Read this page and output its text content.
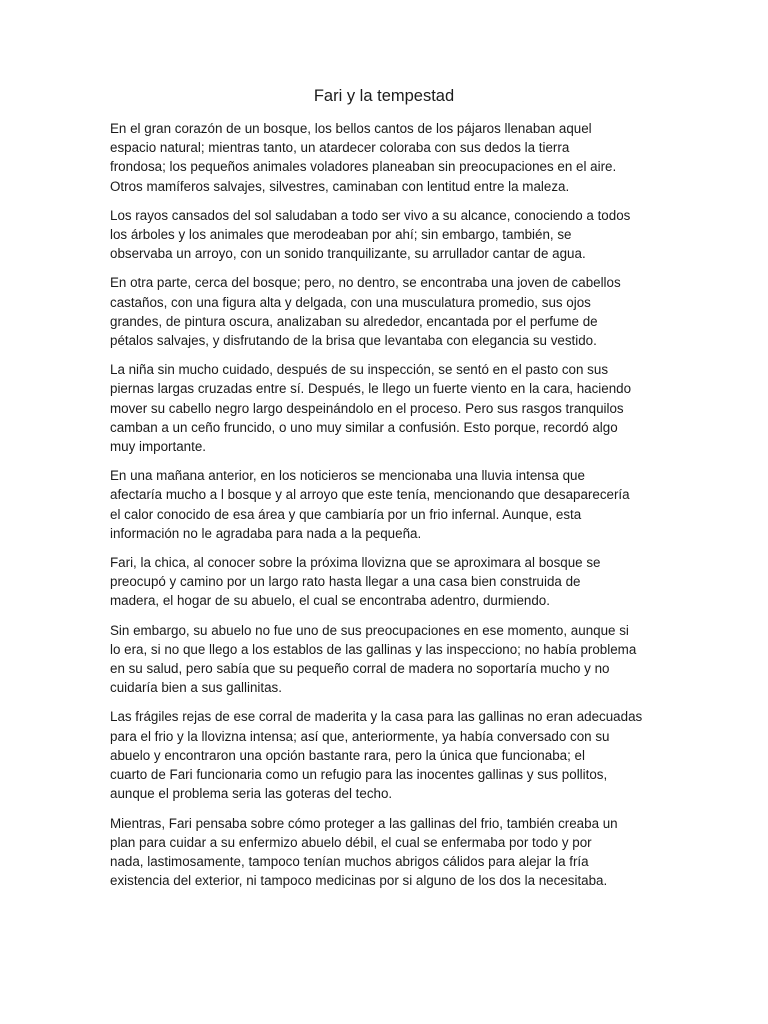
Fari y la tempestad

En el gran corazón de un bosque, los bellos cantos de los pájaros llenaban aquel
espacio natural; mientras tanto, un atardecer coloraba con sus dedos la tierra
frondosa; los pequeños animales voladores planeaban sin preocupaciones en el aire.
Otros mamíferos salvajes, silvestres, caminaban con lentitud entre la maleza.

Los rayos cansados del sol saludaban a todo ser vivo a su alcance, conociendo a todos
los árboles y los animales que merodeaban por ahí; sin embargo, también, se
observaba un arroyo, con un sonido tranquilizante, su arrullador cantar de agua.

En otra parte, cerca del bosque; pero, no dentro, se encontraba una joven de cabellos
castaños, con una figura alta y delgada, con una musculatura promedio, sus ojos
grandes, de pintura oscura, analizaban su alrededor, encantada por el perfume de
pétalos salvajes, y disfrutando de la brisa que levantaba con elegancia su vestido.

La niña sin mucho cuidado, después de su inspección, se sentó en el pasto con sus
piernas largas cruzadas entre sí. Después, le llego un fuerte viento en la cara, haciendo
mover su cabello negro largo despeinándolo en el proceso. Pero sus rasgos tranquilos
camban a un ceño fruncido, o uno muy similar a confusión. Esto porque, recordó algo
muy importante.

En una mañana anterior, en los noticieros se mencionaba una lluvia intensa que
afectaría mucho a l bosque y al arroyo que este tenía, mencionando que desaparecería
el calor conocido de esa área y que cambiaría por un frio infernal. Aunque, esta
información no le agradaba para nada a la pequeña.

Fari, la chica, al conocer sobre la próxima llovizna que se aproximara al bosque se
preocupó y camino por un largo rato hasta llegar a una casa bien construida de
madera, el hogar de su abuelo, el cual se encontraba adentro, durmiendo.

Sin embargo, su abuelo no fue uno de sus preocupaciones en ese momento, aunque si
lo era, si no que llego a los establos de las gallinas y las inspecciono; no había problema
en su salud, pero sabía que su pequeño corral de madera no soportaría mucho y no
cuidaría bien a sus gallinitas.

Las frágiles rejas de ese corral de maderita y la casa para las gallinas no eran adecuadas
para el frio y la llovizna intensa; así que, anteriormente, ya había conversado con su
abuelo y encontraron una opción bastante rara, pero la única que funcionaba; el
cuarto de Fari funcionaria como un refugio para las inocentes gallinas y sus pollitos,
aunque el problema seria las goteras del techo.

Mientras, Fari pensaba sobre cómo proteger a las gallinas del frio, también creaba un
plan para cuidar a su enfermizo abuelo débil, el cual se enfermaba por todo y por
nada, lastimosamente, tampoco tenían muchos abrigos cálidos para alejar la fría
existencia del exterior, ni tampoco medicinas por si alguno de los dos la necesitaba.
